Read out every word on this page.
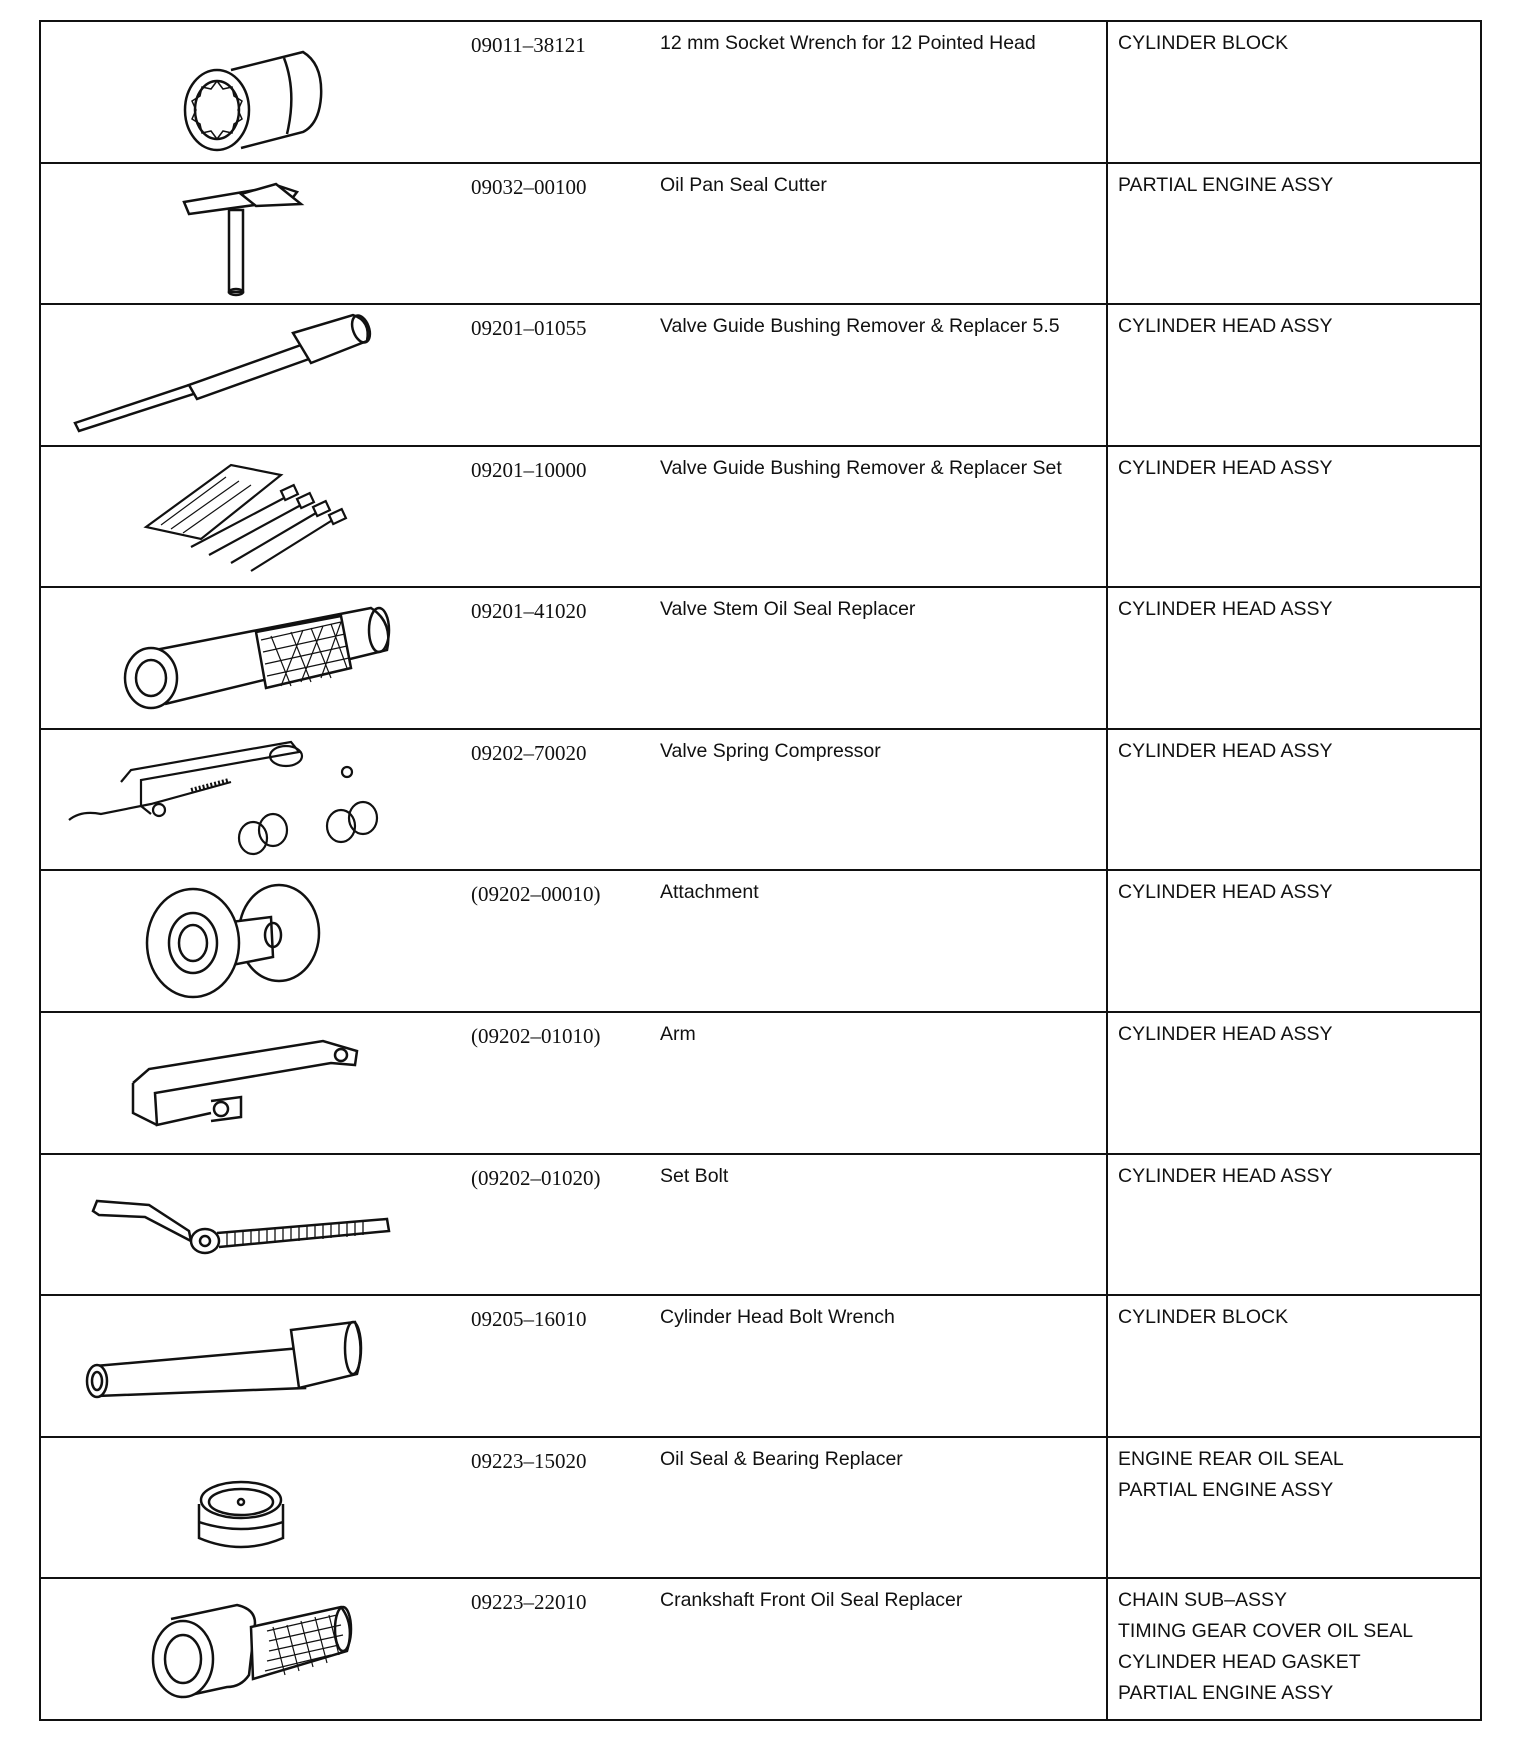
09011–38121	12 mm Socket Wrench for 12 Pointed Head	CYLINDER BLOCK
09032–00100	Oil Pan Seal Cutter	PARTIAL ENGINE ASSY
09201–01055	Valve Guide Bushing Remover & Replacer 5.5	CYLINDER HEAD ASSY
09201–10000	Valve Guide Bushing Remover & Replacer Set	CYLINDER HEAD ASSY
09201–41020	Valve Stem Oil Seal Replacer	CYLINDER HEAD ASSY
09202–70020	Valve Spring Compressor	CYLINDER HEAD ASSY
(09202–00010)	Attachment	CYLINDER HEAD ASSY
(09202–01010)	Arm	CYLINDER HEAD ASSY
(09202–01020)	Set Bolt	CYLINDER HEAD ASSY
09205–16010	Cylinder Head Bolt Wrench	CYLINDER BLOCK
09223–15020	Oil Seal & Bearing Replacer	ENGINE REAR OIL SEAL
PARTIAL ENGINE ASSY
09223–22010	Crankshaft Front Oil Seal Replacer	CHAIN SUB–ASSY
TIMING GEAR COVER OIL SEAL
CYLINDER HEAD GASKET
PARTIAL ENGINE ASSY
